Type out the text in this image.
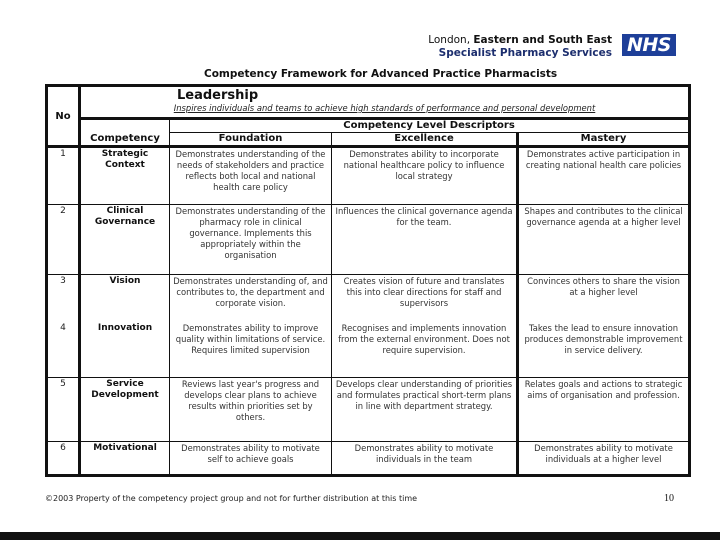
London, Eastern and South East
Specialist Pharmacy Services NHS
Competency Framework for Advanced Practice Pharmacists
No	Leadership
Inspires individuals and teams to achieve high standards of performance and personal development			

	Competency	Competency Level Descriptors		
		Foundation	Excellence	Mastery
1	Strategic Context	Demonstrates understanding of the needs of stakeholders and practice reflects both local and national health care policy	Demonstrates ability to incorporate national healthcare policy to influence local strategy	Demonstrates active participation in creating national health care policies
2	Clinical Governance	Demonstrates understanding of the pharmacy role in clinical governance. Implements this appropriately within the organisation	Influences the clinical governance agenda for the team.	Shapes and contributes to the clinical governance agenda at a higher level
3	Vision	Demonstrates understanding of, and contributes to, the department and corporate vision.	Creates vision of future and translates this into clear directions for staff and supervisors	Convinces others to share the vision at a higher level
4	Innovation	Demonstrates ability to improve quality within limitations of service. Requires limited supervision	Recognises and implements innovation from the external environment. Does not require supervision.	Takes the lead to ensure innovation produces demonstrable improvement in service delivery.
5	Service Development	Reviews last year's progress and develops clear plans to achieve results within priorities set by others.	Develops clear understanding of priorities and formulates practical short-term plans in line with department strategy.	Relates goals and actions to strategic aims of organisation and profession.
6	Motivational	Demonstrates ability to motivate self to achieve goals	Demonstrates ability to motivate individuals in the team	Demonstrates ability to motivate individuals at a higher level
©2003 Property of the competency project group and not for further distribution at this time	10
